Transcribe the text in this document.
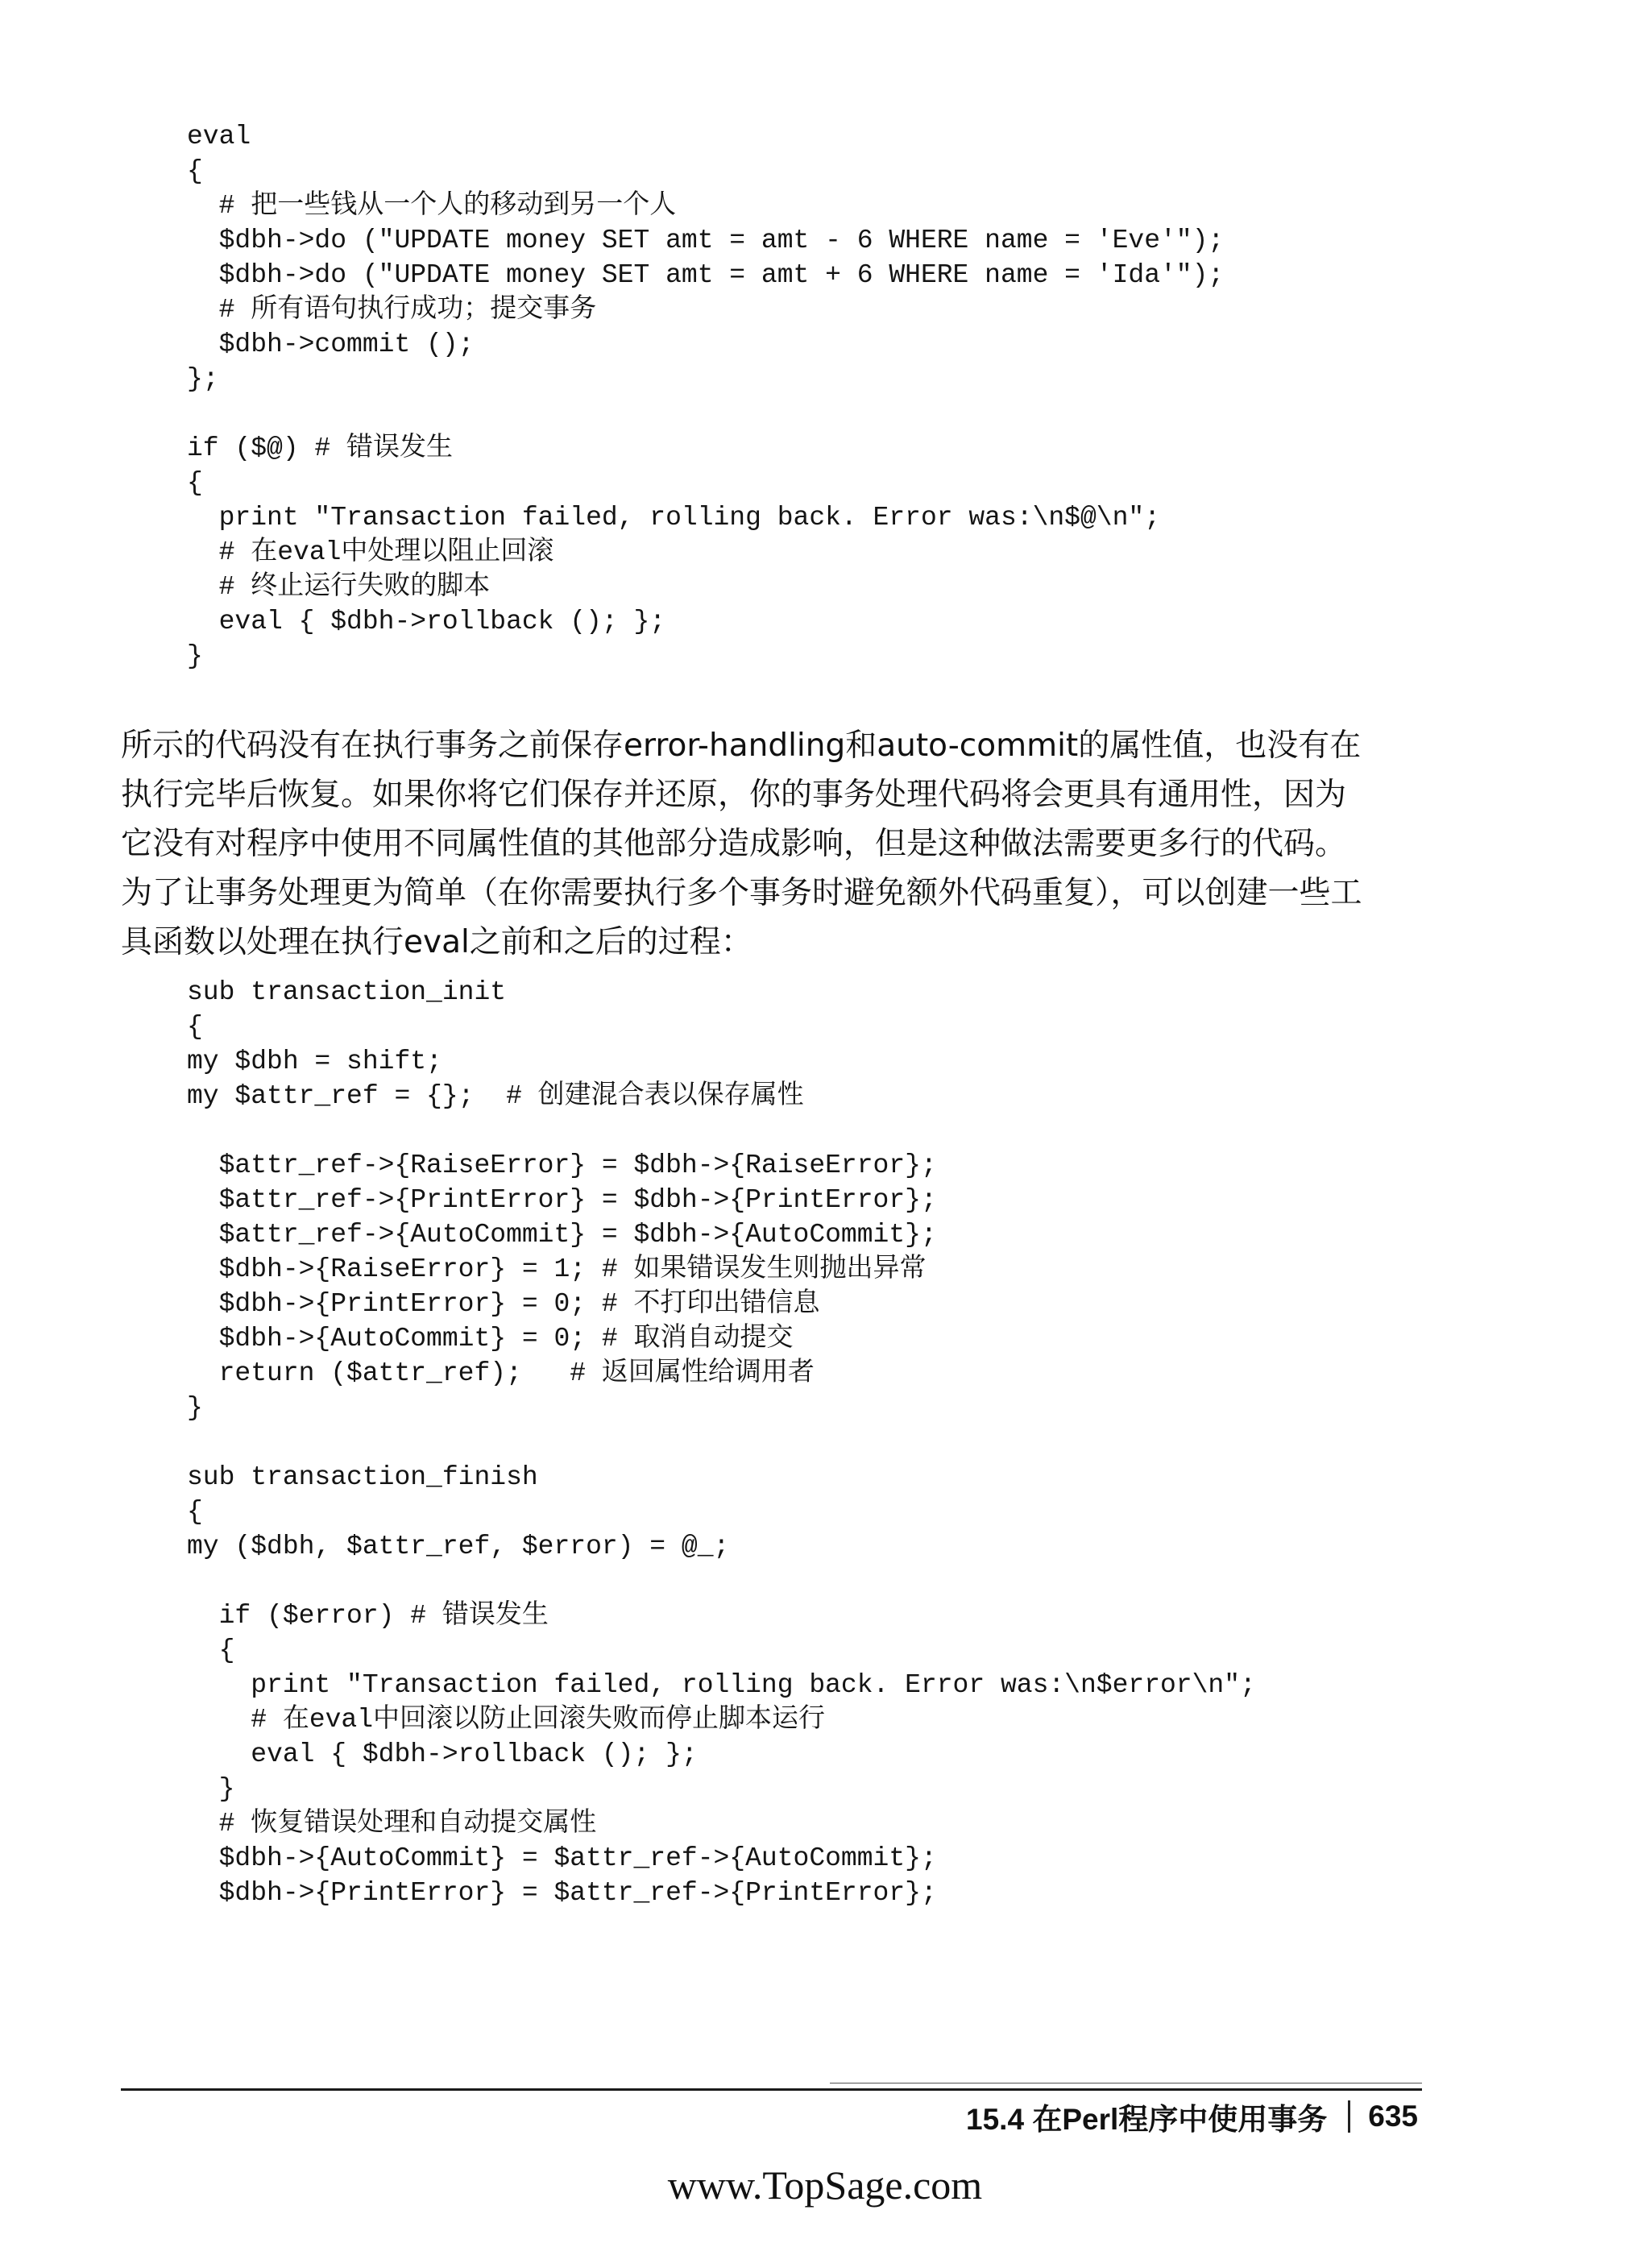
eval
{
# 把一些钱从一个人的移动到另一个人
$dbh->do ("UPDATE money SET amt = amt - 6 WHERE name = 'Eve'");
$dbh->do ("UPDATE money SET amt = amt + 6 WHERE name = 'Ida'");
# 所有语句执行成功；提交事务
$dbh->commit ();
};
if ($@) # 错误发生
{
print "Transaction failed, rolling back. Error was:\n$@\n";
# 在eval中处理以阻止回滚
# 终止运行失败的脚本
eval { $dbh->rollback (); };
}
所示的代码没有在执行事务之前保存error-handling和auto-commit的属性值，也没有在
执行完毕后恢复。如果你将它们保存并还原，你的事务处理代码将会更具有通用性，因为
它没有对程序中使用不同属性值的其他部分造成影响，但是这种做法需要更多行的代码。
为了让事务处理更为简单（在你需要执行多个事务时避免额外代码重复），可以创建一些工
具函数以处理在执行eval之前和之后的过程：
sub transaction_init
{
my $dbh = shift;
my $attr_ref = {};  # 创建混合表以保存属性
$attr_ref->{RaiseError} = $dbh->{RaiseError};
$attr_ref->{PrintError} = $dbh->{PrintError};
$attr_ref->{AutoCommit} = $dbh->{AutoCommit};
$dbh->{RaiseError} = 1; # 如果错误发生则抛出异常
$dbh->{PrintError} = 0; # 不打印出错信息
$dbh->{AutoCommit} = 0; # 取消自动提交
return ($attr_ref);   # 返回属性给调用者
}
sub transaction_finish
{
my ($dbh, $attr_ref, $error) = @_;
if ($error) # 错误发生
{
print "Transaction failed, rolling back. Error was:\n$error\n";
# 在eval中回滚以防止回滚失败而停止脚本运行
eval { $dbh->rollback (); };
}
# 恢复错误处理和自动提交属性
$dbh->{AutoCommit} = $attr_ref->{AutoCommit};
$dbh->{PrintError} = $attr_ref->{PrintError};
15.4 在Perl程序中使用事务 635
www.TopSage.com
